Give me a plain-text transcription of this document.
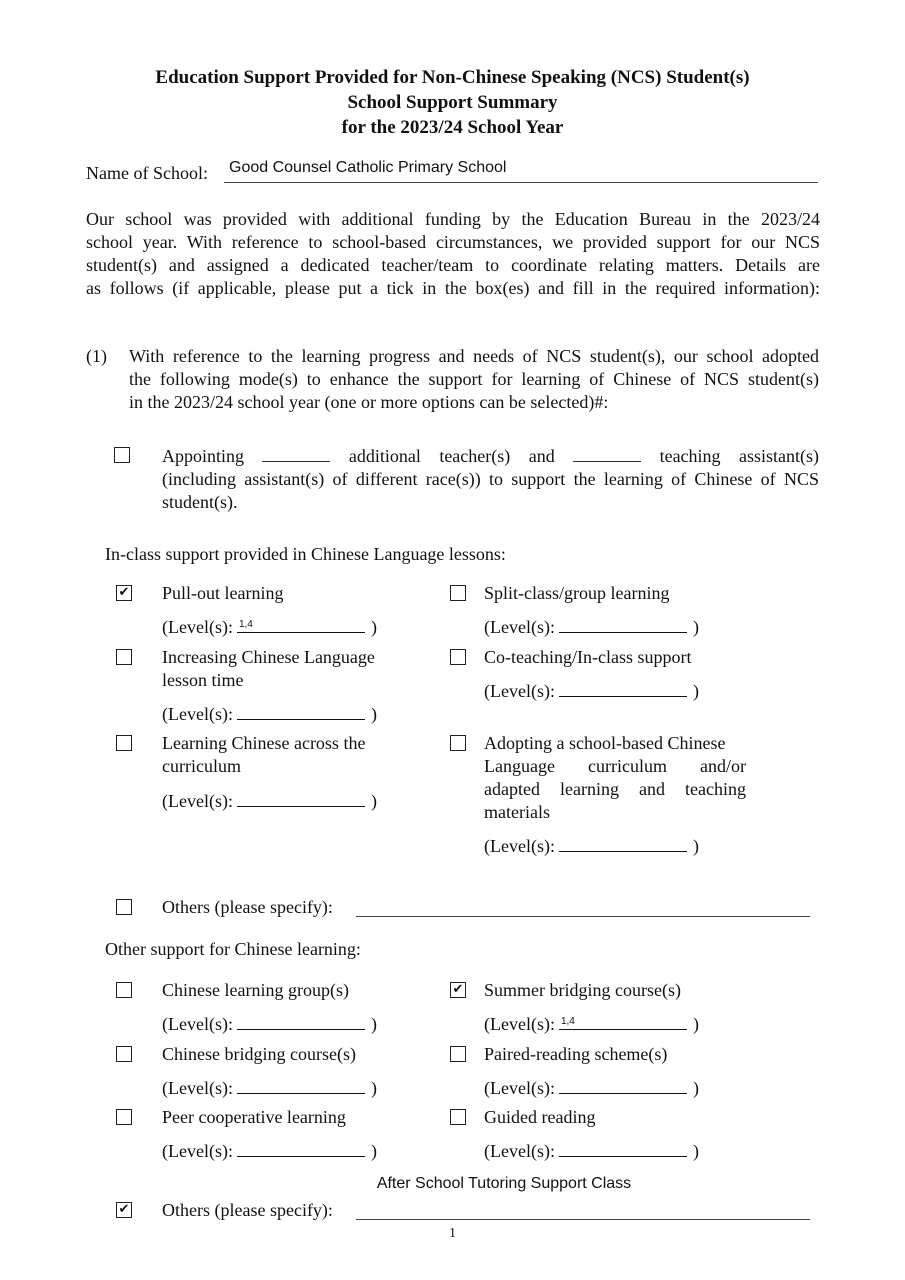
Education Support Provided for Non-Chinese Speaking (NCS) Student(s)
School Support Summary
for the 2023/24 School Year
Name of School: Good Counsel Catholic Primary School
Our school was provided with additional funding by the Education Bureau in the 2023/24
school year. With reference to school-based circumstances, we provided support for our NCS
student(s) and assigned a dedicated teacher/team to coordinate relating matters. Details are
as follows (if applicable, please put a tick in the box(es) and fill in the required information):
(1) With reference to the learning progress and needs of NCS student(s), our school adopted
the following mode(s) to enhance the support for learning of Chinese of NCS student(s)
in the 2023/24 school year (one or more options can be selected)#:
Appointing	additional teacher(s) and	teaching assistant(s)
(including assistant(s) of different race(s)) to support the learning of Chinese of NCS
student(s).
In-class support provided in Chinese Language lessons:
✔ Pull-out learning
(Level(s): 1,4	)
Split-class/group learning
(Level(s):	)
Increasing Chinese Language
lesson time
(Level(s):	)
Co-teaching/In-class support
(Level(s):	)
Learning Chinese across the
curriculum
(Level(s):	)
Adopting a school-based Chinese
Language curriculum and/or
adapted learning and teaching
materials
(Level(s):	)
Others (please specify):
Other support for Chinese learning:
Chinese learning group(s)
(Level(s):	)
✔ Summer bridging course(s)
(Level(s): 1,4	)
Chinese bridging course(s)
(Level(s):	)
Paired-reading scheme(s)
(Level(s):	)
Peer cooperative learning
(Level(s):	)
Guided reading
(Level(s):	)
After School Tutoring Support Class
✔ Others (please specify):
1
